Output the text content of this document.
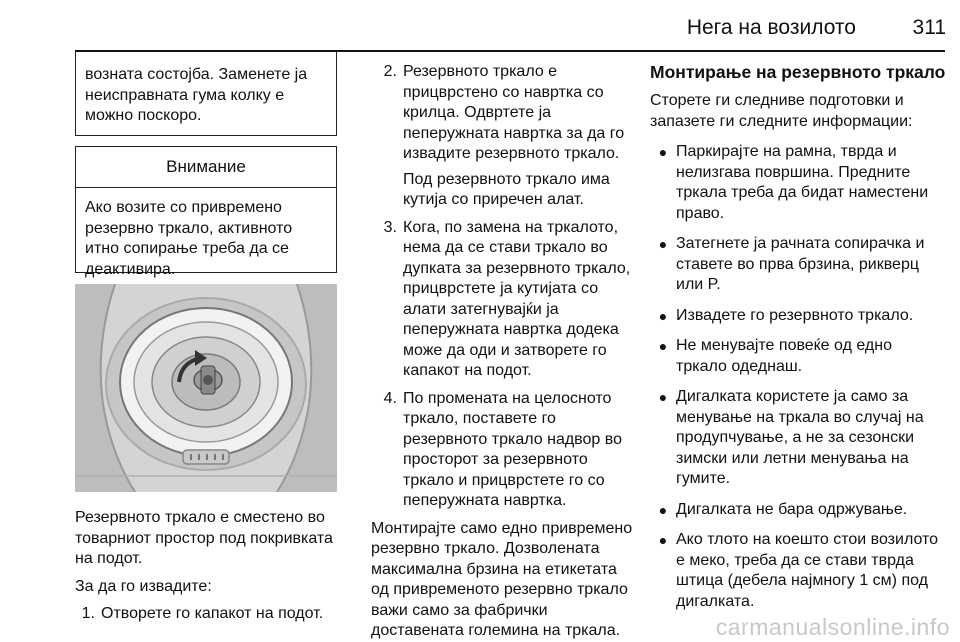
Нега на возилото	311

возната состојба. Заменете ја неисправната гума колку е можно поскоро.

Внимание

Ако возите со привремено резервно тркало, активното итно сопирање треба да се деактивира.

Резервното тркало е сместено во товарниот простор под покривката на подот.

За да го извадите:

1. Отворете го капакот на подот.
2. Резервното тркало е прицврстено со навртка со крилца. Одвртете ја пеперужната навртка за да го извадите резервното тркало.

Под резервното тркало има кутија со приречен алат.

3. Кога, по замена на тркалото, нема да се стави тркало во дупката за резервното тркало, прицврстете ја кутијата со алати затегнувајќи ја пеперужната навртка додека може да оди и затворете го капакот на подот.

4. По промената на целосното тркало, поставете го резервното тркало надвор во просторот за резервното тркало и прицврстете го со пеперужната навртка.

Монтирајте само едно привремено резервно тркало. Дозволената максимална брзина на етикетата од привременото резервно тркало важи само за фабрички доставената големина на тркала.

Монтирање на резервното тркало

Сторете ги следниве подготовки и запазете ги следните информации:

● Паркирајте на рамна, тврда и нелизгава површина. Предните тркала треба да бидат наместени право.
● Затегнете ја рачната сопирачка и ставете во прва брзина, рикверц или P.
● Извадете го резервното тркало.
● Не менувајте повеќе од едно тркало одеднаш.
● Дигалката користете ја само за менување на тркала во случај на продупчување, а не за сезонски зимски или летни менувања на гумите.
● Дигалката не бара одржување.
● Ако тлото на коешто стои возилото е меко, треба да се стави тврда штица (дебела најмногу 1 см) под дигалката.
carmanualsonline.info
